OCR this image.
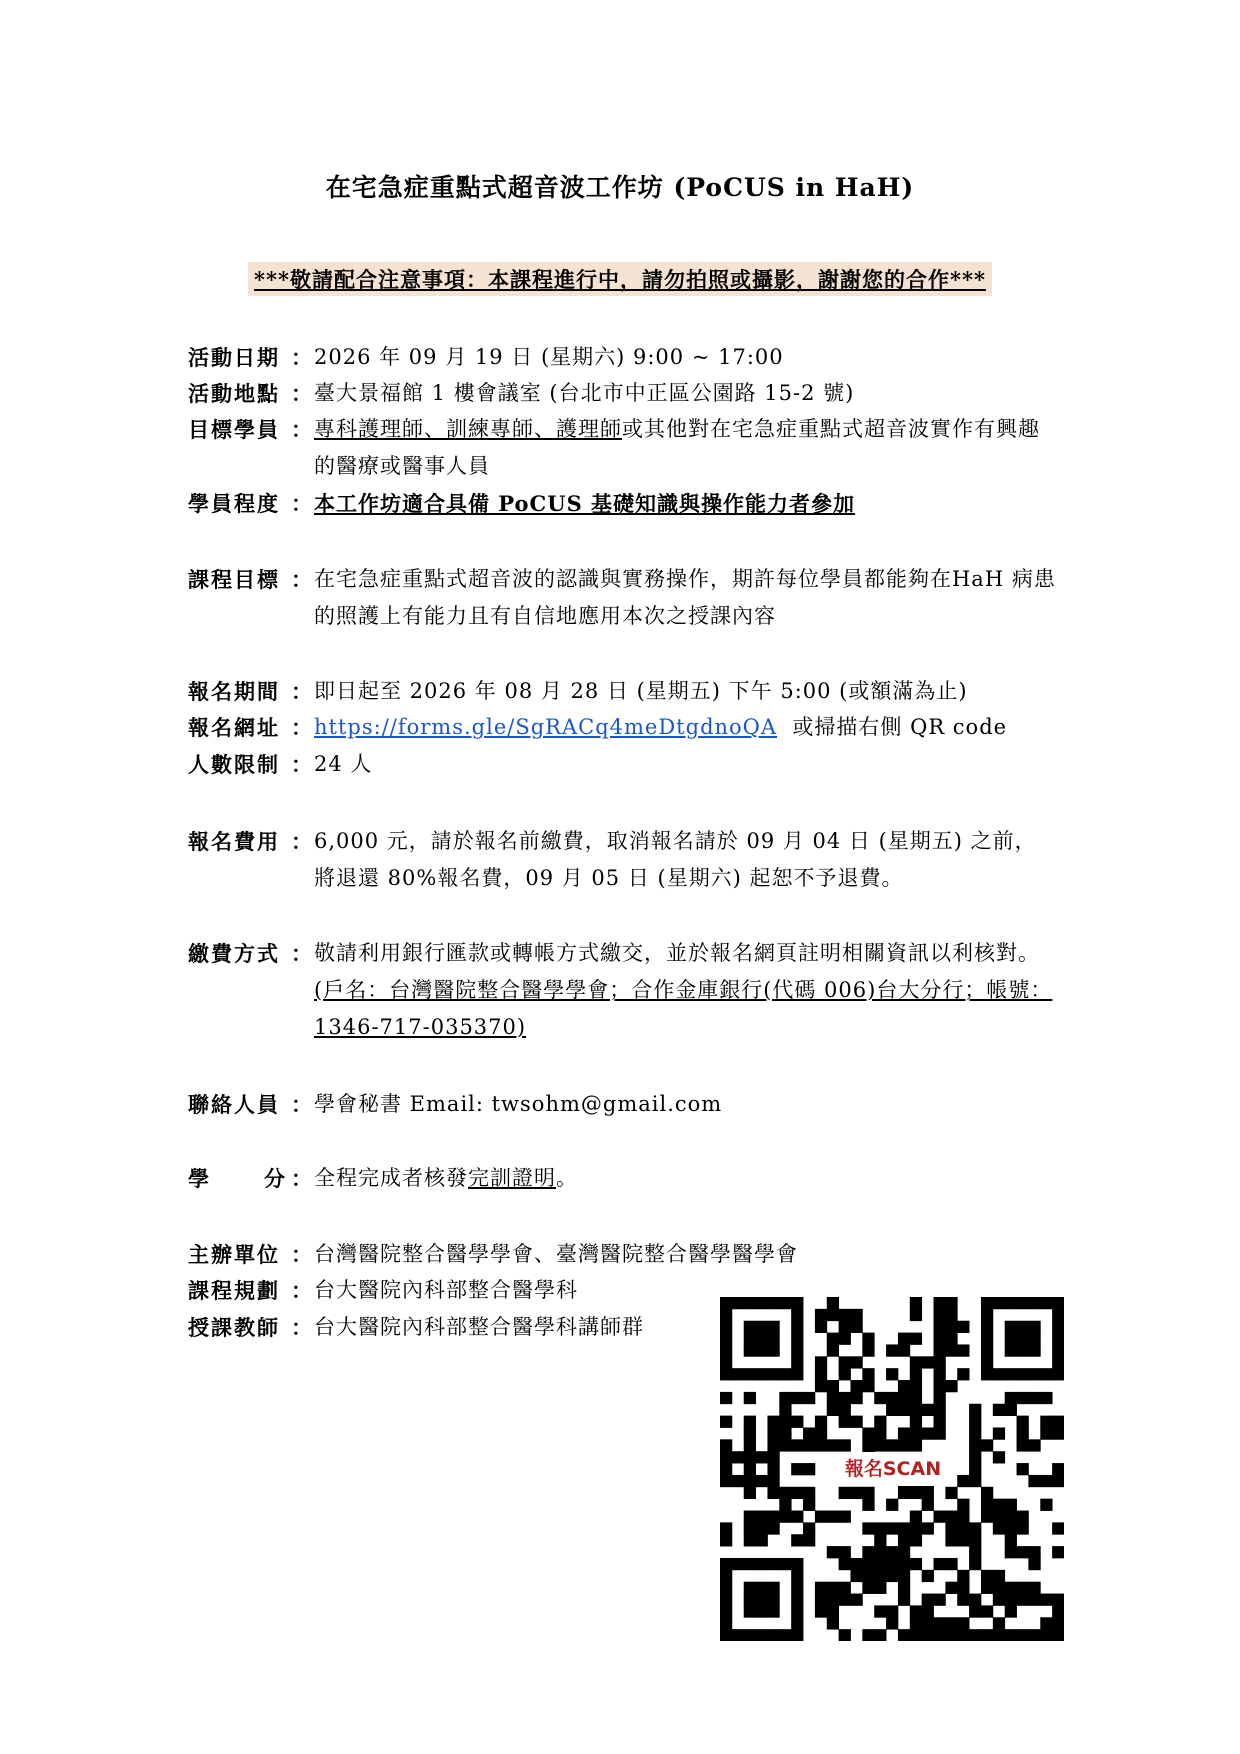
在宅急症重點式超音波工作坊 (PoCUS in HaH)
***敬請配合注意事項：本課程進行中，請勿拍照或攝影，謝謝您的合作***
活動日期 ： 2026 年 09 月 19 日 (星期六) 9:00 ~ 17:00
活動地點 ： 臺大景福館 1 樓會議室 (台北市中正區公園路 15-2 號)
目標學員 ： 專科護理師、訓練專師、護理師或其他對在宅急症重點式超音波實作有興趣的醫療或醫事人員
學員程度 ： 本工作坊適合具備 PoCUS 基礎知識與操作能力者參加
課程目標 ： 在宅急症重點式超音波的認識與實務操作，期許每位學員都能夠在HaH 病患的照護上有能力且有自信地應用本次之授課內容
報名期間 ： 即日起至 2026 年 08 月 28 日 (星期五) 下午 5:00 (或額滿為止)
報名網址 ： https://forms.gle/SgRACq4meDtgdnoQA 或掃描右側 QR code
人數限制 ： 24 人
報名費用 ： 6,000 元，請於報名前繳費，取消報名請於 09 月 04 日 (星期五) 之前，將退還 80%報名費，09 月 05 日 (星期六) 起恕不予退費。
繳費方式 ： 敬請利用銀行匯款或轉帳方式繳交，並於報名網頁註明相關資訊以利核對。(戶名：台灣醫院整合醫學學會；合作金庫銀行(代碼 006)台大分行；帳號：1346-717-035370)
聯絡人員 ： 學會秘書 Email: twsohm@gmail.com
學	分 ： 全程完成者核發完訓證明。
主辦單位 ： 台灣醫院整合醫學學會、臺灣醫院整合醫學醫學會
課程規劃 ： 台大醫院內科部整合醫學科
授課教師 ： 台大醫院內科部整合醫學科講師群
報名SCAN
